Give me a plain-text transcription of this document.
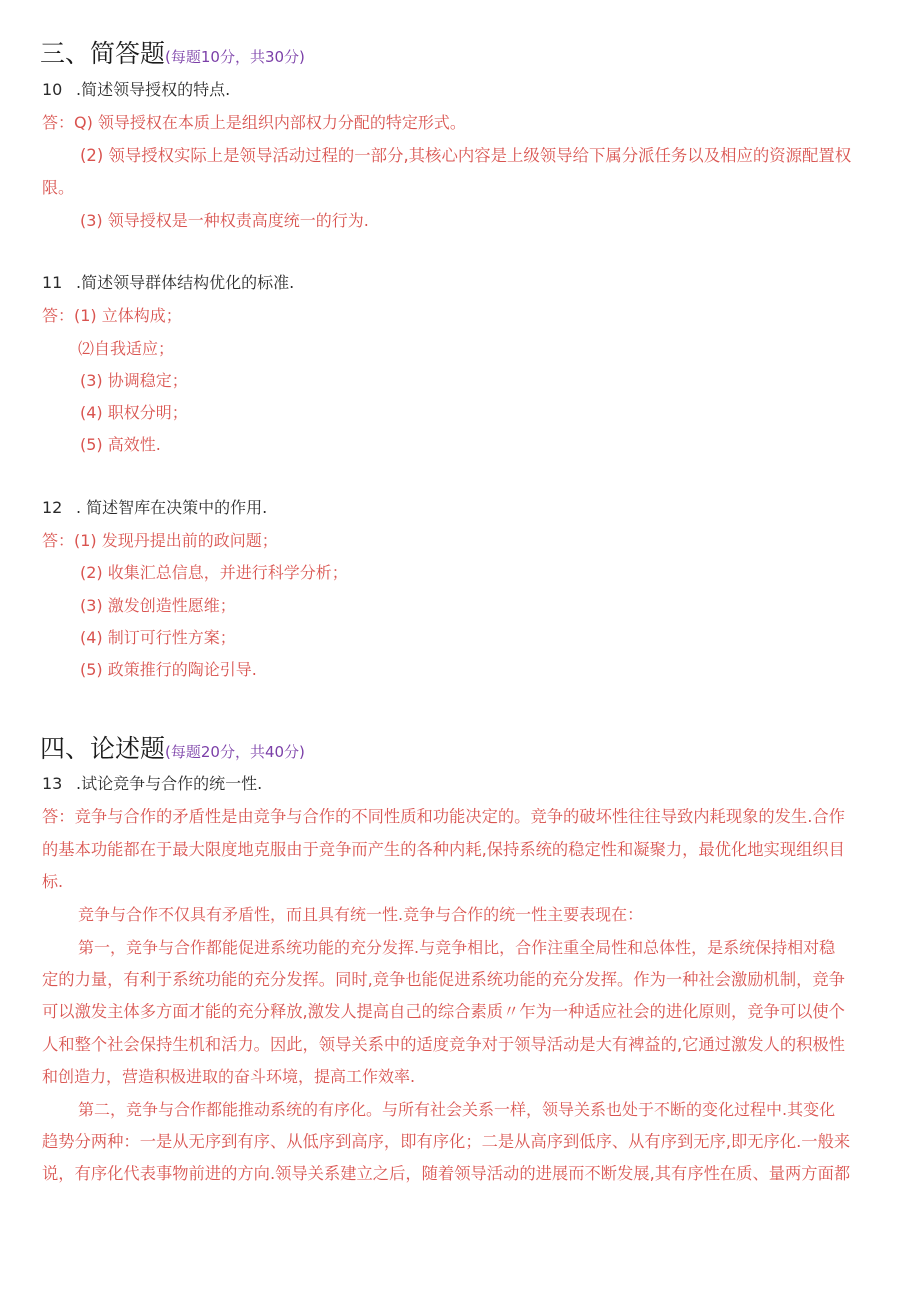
三、简答题(每题10分，共30分)
10 .简述领导授权的特点.
答：Q) 领导授权在本质上是组织内部权力分配的特定形式。
(2) 领导授权实际上是领导活动过程的一部分,其核心内容是上级领导给下属分派任务以及相应的资源配置权
限。
(3) 领导授权是一种权责高度统一的行为.
11 .简述领导群体结构优化的标准.
答：(1) 立体构成；
⑵自我适应；
(3) 协调稳定；
(4) 职权分明；
(5) 高效性.
12 . 简述智库在决策中的作用.
答：(1) 发现丹提出前的政问题；
(2) 收集汇总信息，并进行科学分析；
(3) 激发创造性愿维；
(4) 制订可行性方案；
(5) 政策推行的陶论引导.
四、论述题(每题20分，共40分)
13 .试论竞争与合作的统一性.
答：竞争与合作的矛盾性是由竞争与合作的不同性质和功能决定的。竞争的破坏性往往导致内耗现象的发生.合作
的基本功能都在于最大限度地克服由于竞争而产生的各种内耗,保持系统的稳定性和凝聚力，最优化地实现组织目
标.
竞争与合作不仅具有矛盾性，而且具有统一性.竞争与合作的统一性主要表现在：
第一，竞争与合作都能促进系统功能的充分发挥.与竞争相比，合作注重全局性和总体性，是系统保持相对稳
定的力量，有利于系统功能的充分发挥。同时,竞争也能促进系统功能的充分发挥。作为一种社会激励机制，竞争
可以激发主体多方面才能的充分释放,激发人提高自己的综合素质〃乍为一种适应社会的进化原则，竞争可以使个
人和整个社会保持生机和活力。因此，领导关系中的适度竞争对于领导活动是大有裨益的,它通过激发人的积极性
和创造力，营造积极进取的奋斗环境，提高工作效率.
第二，竞争与合作都能推动系统的有序化。与所有社会关系一样，领导关系也处于不断的变化过程中.其变化
趋势分两种：一是从无序到有序、从低序到高序，即有序化；二是从高序到低序、从有序到无序,即无序化.一般来
说，有序化代表事物前进的方向.领导关系建立之后，随着领导活动的进展而不断发展,其有序性在质、量两方面都
